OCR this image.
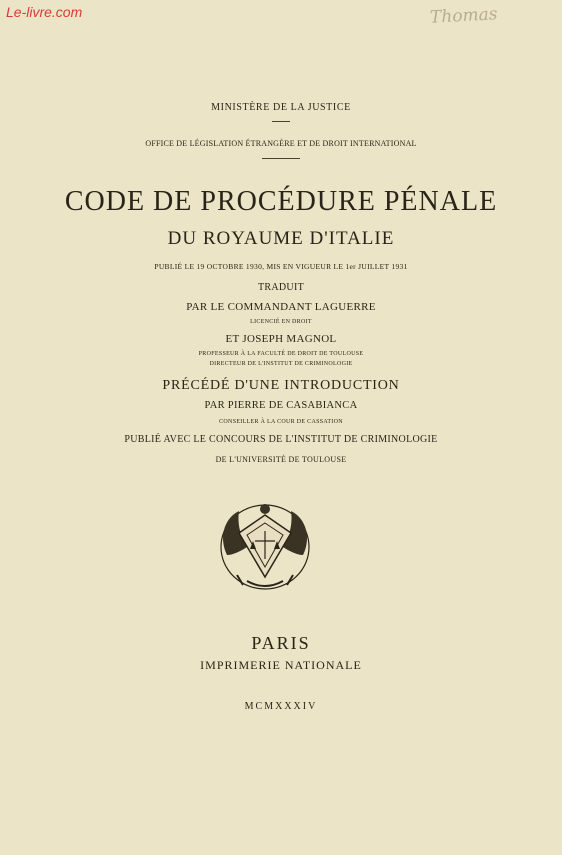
Le-livre.com	Thomas
MINISTÈRE DE LA JUSTICE
OFFICE DE LÉGISLATION ÉTRANGÈRE ET DE DROIT INTERNATIONAL
CODE DE PROCÉDURE PÉNALE
DU ROYAUME D'ITALIE
PUBLIÉ LE 19 OCTOBRE 1930, MIS EN VIGUEUR LE 1er JUILLET 1931
TRADUIT
PAR LE COMMANDANT LAGUERRE
LICENCIÉ EN DROIT
ET JOSEPH MAGNOL
PROFESSEUR À LA FACULTÉ DE DROIT DE TOULOUSE
DIRECTEUR DE L'INSTITUT DE CRIMINOLOGIE
PRÉCÉDÉ D'UNE INTRODUCTION
PAR PIERRE DE CASABIANCA
CONSEILLER À LA COUR DE CASSATION
PUBLIÉ AVEC LE CONCOURS DE L'INSTITUT DE CRIMINOLOGIE
DE L'UNIVERSITÉ DE TOULOUSE
PARIS
IMPRIMERIE NATIONALE
MCMXXXIV
